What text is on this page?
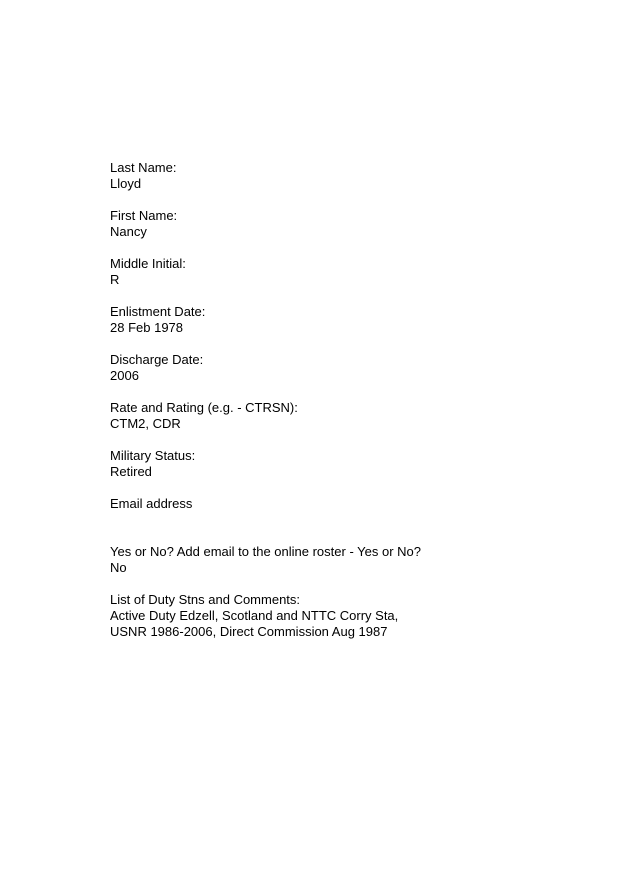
Last Name:
Lloyd
First Name:
Nancy
Middle Initial:
R
Enlistment Date:
28 Feb 1978
Discharge Date:
2006
Rate and Rating (e.g. - CTRSN):
CTM2, CDR
Military Status:
Retired
Email address
Yes or No? Add email to the online roster - Yes or No?
No
List of Duty Stns and Comments:
Active Duty Edzell, Scotland and NTTC Corry Sta,
USNR 1986-2006, Direct Commission Aug 1987
